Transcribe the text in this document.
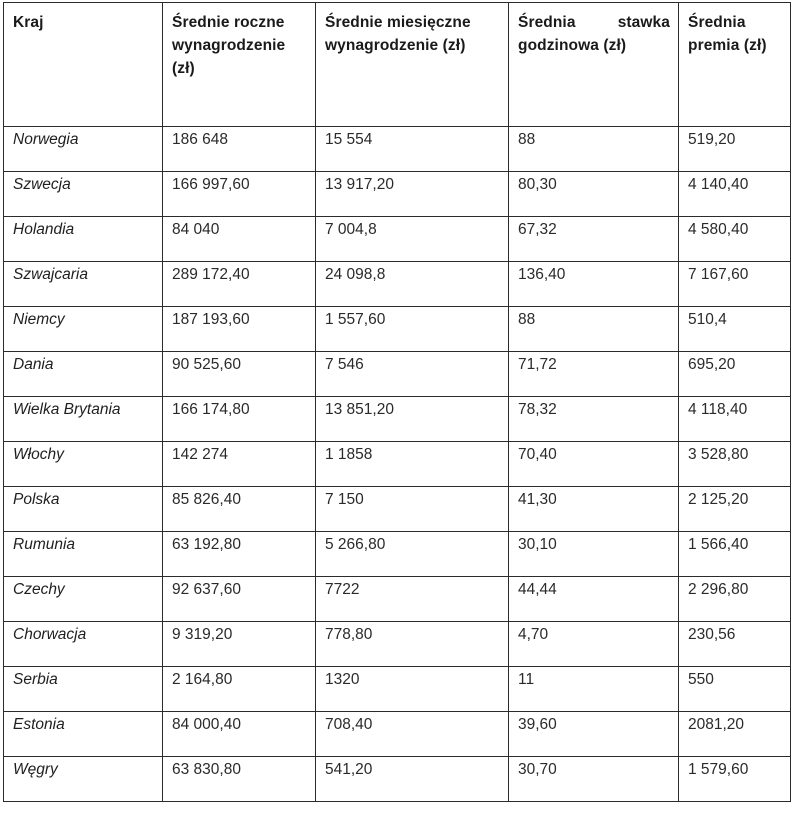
Kraj	Średnie roczne wynagrodzenie (zł)	Średnie miesięczne wynagrodzenie (zł)	Średnia stawka godzinowa (zł)	Średnia premia (zł)
Norwegia	186 648	15 554	88	519,20
Szwecja	166 997,60	13 917,20	80,30	4 140,40
Holandia	84 040	7 004,8	67,32	4 580,40
Szwajcaria	289 172,40	24 098,8	136,40	7 167,60
Niemcy	187 193,60	1 557,60	88	510,4
Dania	90 525,60	7 546	71,72	695,20
Wielka Brytania	166 174,80	13 851,20	78,32	4 118,40
Włochy	142 274	1 1858	70,40	3 528,80
Polska	85 826,40	7 150	41,30	2 125,20
Rumunia	63 192,80	5 266,80	30,10	1 566,40
Czechy	92 637,60	7722	44,44	2 296,80
Chorwacja	9 319,20	778,80	4,70	230,56
Serbia	2 164,80	1320	11	550
Estonia	84 000,40	708,40	39,60	2081,20
Węgry	63 830,80	541,20	30,70	1 579,60
